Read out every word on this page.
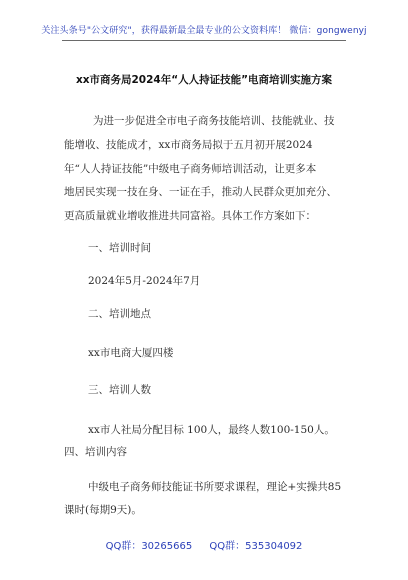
关注头条号"公文研究"，获得最新最全最专业的公文资料库！ 微信：gongwenyj
xx市商务局2024年“人人持证技能”电商培训实施方案
为进一步促进全市电子商务技能培训、技能就业、技
能增收、技能成才，xx市商务局拟于五月初开展2024
年“人人持证技能”中级电子商务师培训活动，让更多本
地居民实现一技在身、一证在手，推动人民群众更加充分、
更高质量就业增收推进共同富裕。具体工作方案如下：
一、培训时间
2024年5月-2024年7月
二、培训地点
xx市电商大厦四楼
三、培训人数
xx市人社局分配目标 100人，最终人数100-150人。
四、培训内容
中级电子商务师技能证书所要求课程，理论+实操共85
课时(每期9天)。
QQ群：30265665 QQ群：535304092
